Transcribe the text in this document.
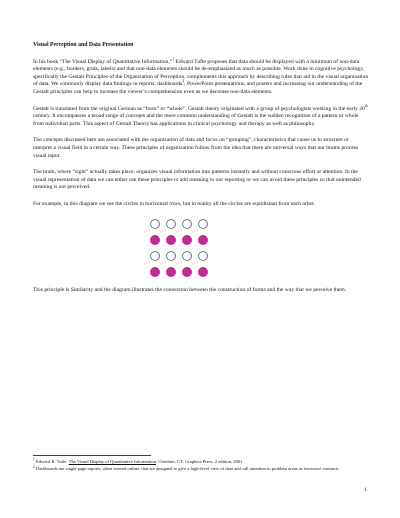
Visual Perception and Data Presentation

In his book “The Visual Display of Quantitative Information,”$^1$ Edward Tufte proposes that data should be displayed with a minimum of non-data elements (e.g., borders, grids, labels) and that non-data elements should be de-emphasized as much as possible. Work done in cognitive psychology, specifically the Gestalt Principles of the Organization of Perception, complements this approach by describing rules that aid in the visual organization of data. We commonly display data findings in reports, dashboards$^2$, PowerPoint presentations, and posters and increasing our understanding of the Gestalt principles can help to increase the viewer’s comprehension even as we decrease non-data elements.

Gestalt is translated from the original German as “form” or “whole”. Gestalt theory originated with a group of psychologists working in the early 20th century. It encompasses a broad range of concepts and the more common understanding of Gestalt is the sudden recognition of a pattern or whole from individual parts. This aspect of Gestalt Theory has applications in clinical psychology and therapy as well as philosophy.

The concepts discussed here are associated with the organization of data and focus on “grouping”, characteristics that cause us to structure or interpret a visual field in a certain way. These principles of organization follow from the idea that there are universal ways that our brains process visual input.

The brain, where “sight” actually takes place, organizes visual information into patterns instantly and without conscious effort or attention. In the visual representation of data we can either use these principles to add meaning to our reporting or we can avoid these principles so that unintended meaning is not perceived.

For example, in this diagram we see the circles in horizontal rows, but in reality all the circles are equidistant from each other.

This principle is Similarity and the diagram illustrates the connection between the construction of forms and the way that we perceive them.

$^1$ Edward R. Tufte. The Visual Display of Quantitative Information, Cheshire, CT: Graphics Press; 2 edition, 2001
$^2$ Dashboards are single page reports, often viewed online, that are designed to give a high-level view of data and call attention to problem areas or excessive variance.
1
